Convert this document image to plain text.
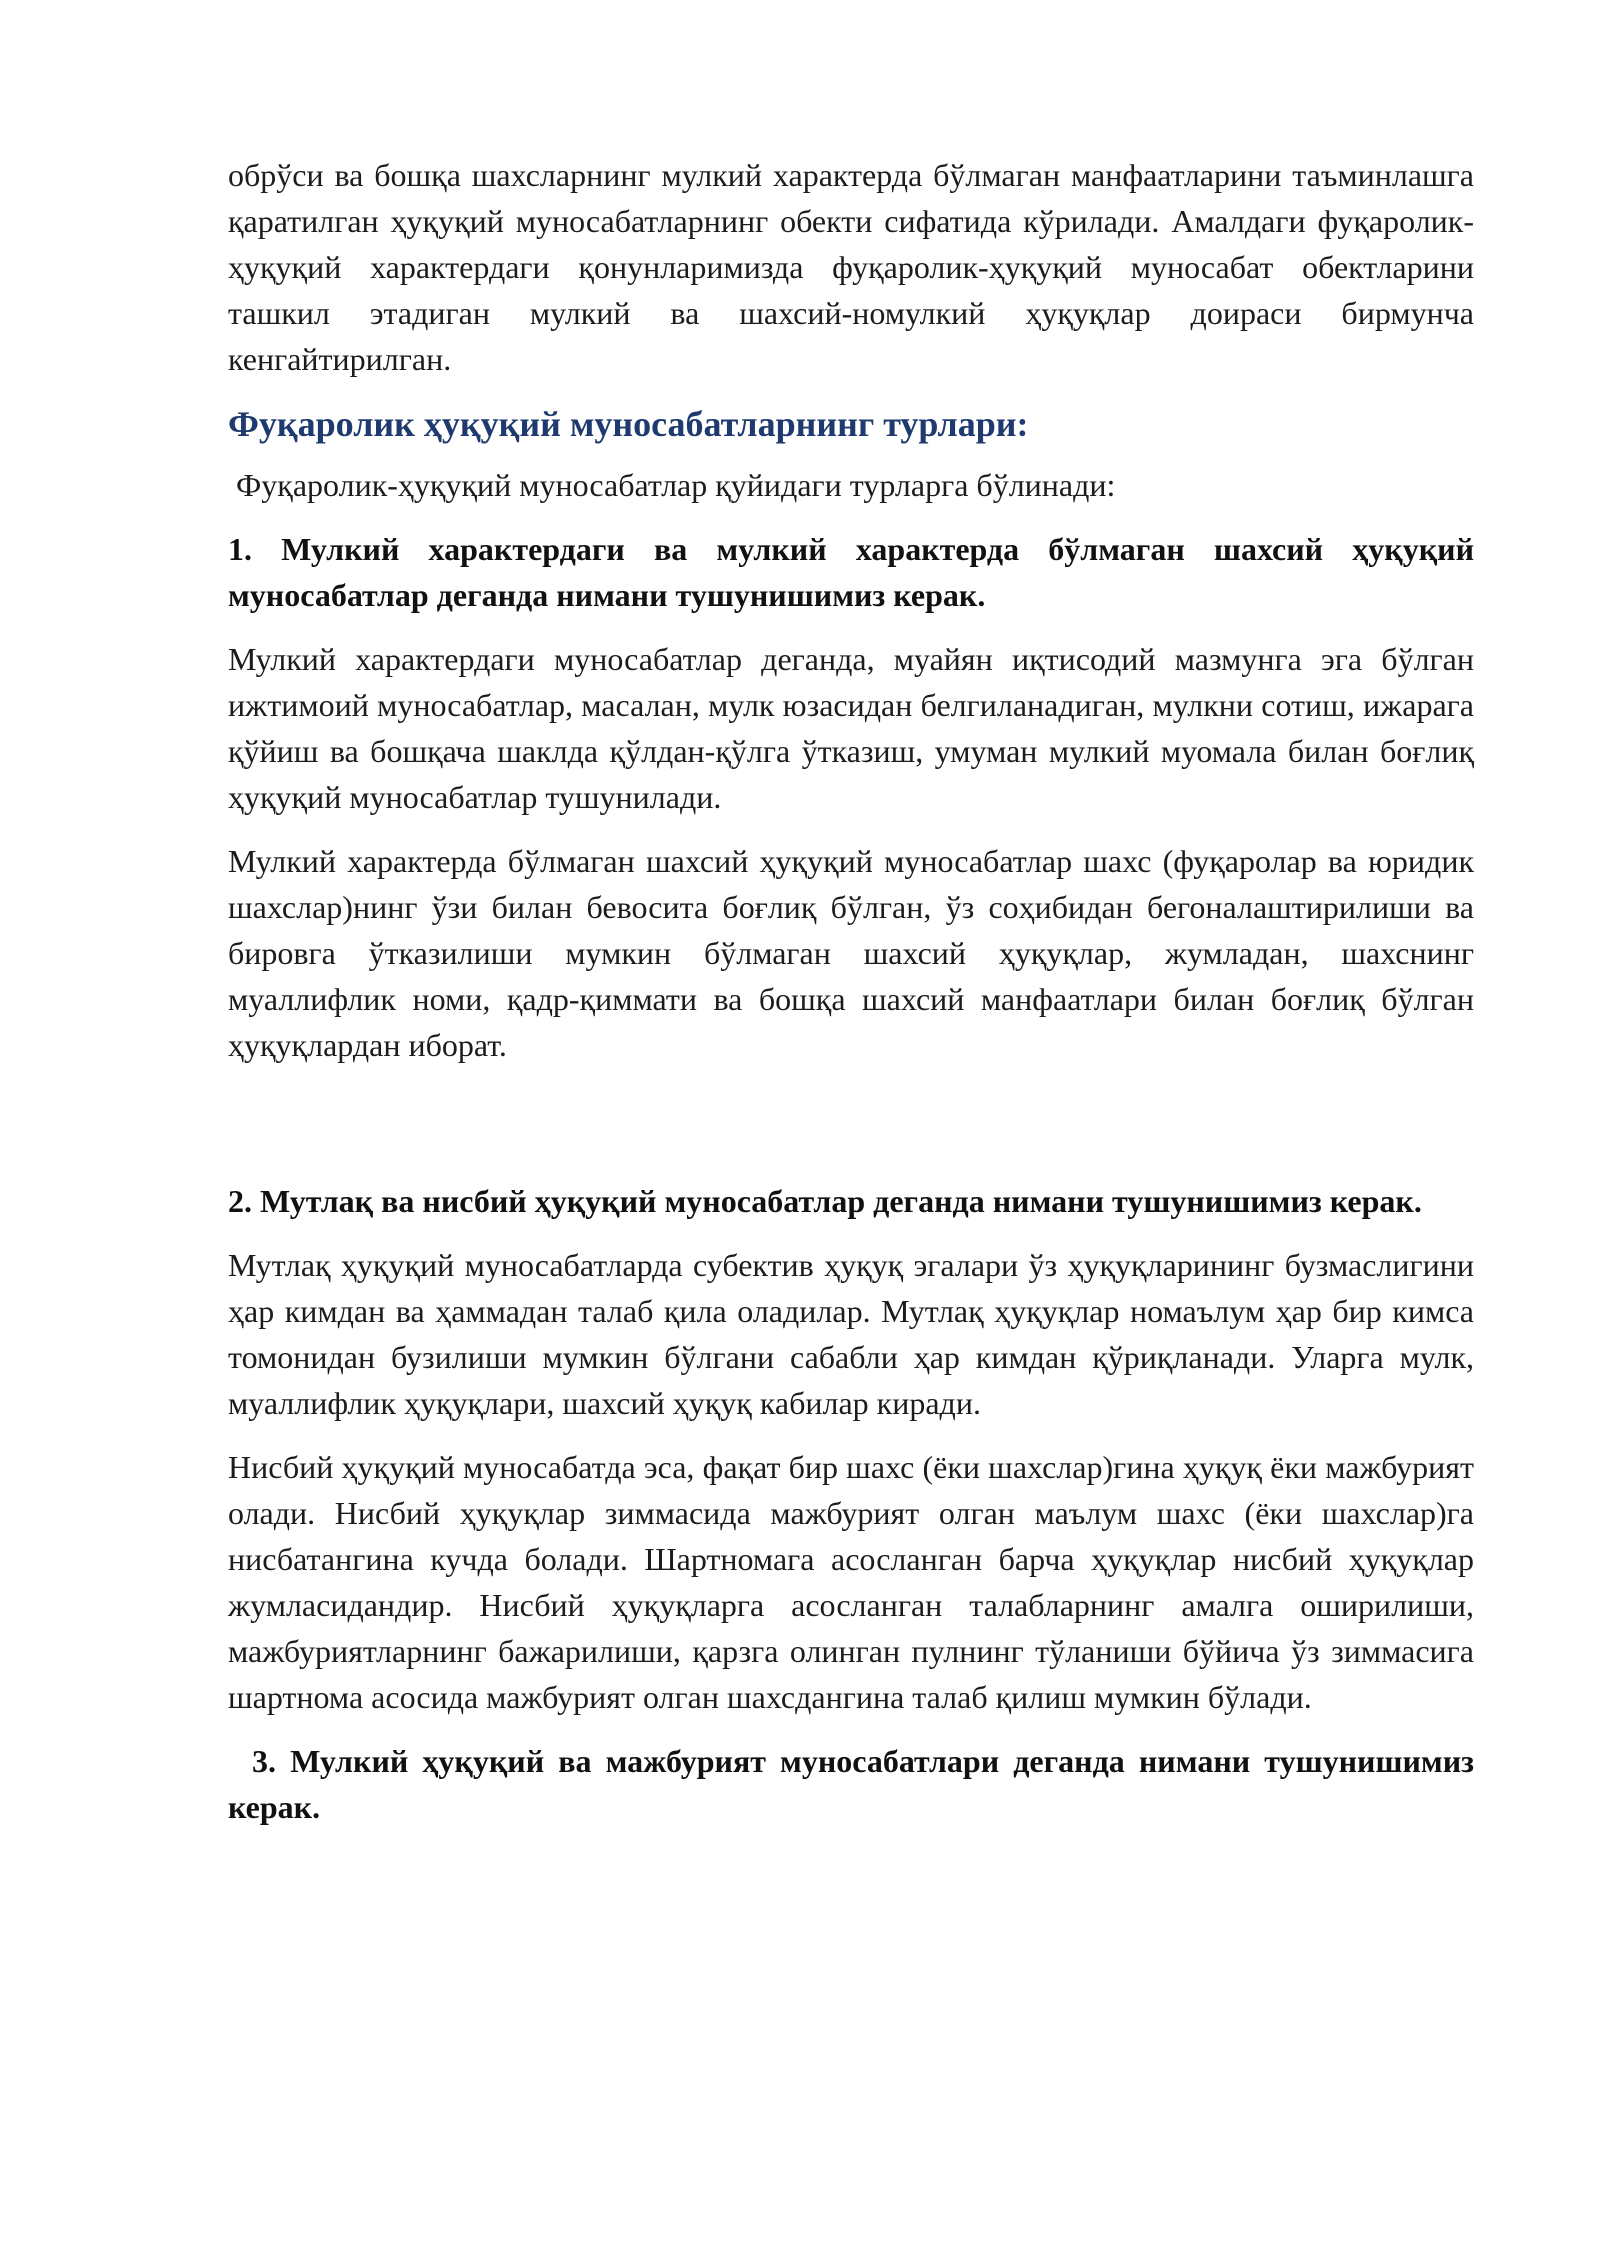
обрўси ва бошқа шахсларнинг мулкий характерда бўлмаган манфаатларини таъминлашга қаратилган ҳуқуқий муносабатларнинг обекти сифатида кўрилади. Амалдаги фуқаролик-ҳуқуқий характердаги қонунларимизда фуқаролик-ҳуқуқий муносабат обектларини ташкил этадиган мулкий ва шахсий-номулкий ҳуқуқлар доираси бирмунча кенгайтирилган.

Фуқаролик ҳуқуқий муносабатларнинг турлари:

Фуқаролик-ҳуқуқий муносабатлар қуйидаги турларга бўлинади:

1. Мулкий характердаги ва мулкий характерда бўлмаган шахсий ҳуқуқий муносабатлар деганда нимани тушунишимиз керак.

Мулкий характердаги муносабатлар деганда, муайян иқтисодий мазмунга эга бўлган ижтимоий муносабатлар, масалан, мулк юзасидан белгиланадиган, мулкни сотиш, ижарага қўйиш ва бошқача шаклда қўлдан-қўлга ўтказиш, умуман мулкий муомала билан боғлиқ ҳуқуқий муносабатлар тушунилади.

Мулкий характерда бўлмаган шахсий ҳуқуқий муносабатлар шахс (фуқаролар ва юридик шахслар)нинг ўзи билан бевосита боғлиқ бўлган, ўз соҳибидан бегоналаштирилиши ва бировга ўтказилиши мумкин бўлмаган шахсий ҳуқуқлар, жумладан, шахснинг муаллифлик номи, қадр-қиммати ва бошқа шахсий манфаатлари билан боғлиқ бўлган ҳуқуқлардан иборат.

2. Мутлақ ва нисбий ҳуқуқий муносабатлар деганда нимани тушунишимиз керак.

Мутлақ ҳуқуқий муносабатларда субектив ҳуқуқ эгалари ўз ҳуқуқларининг бузмаслигини ҳар кимдан ва ҳаммадан талаб қила оладилар. Мутлақ ҳуқуқлар номаълум ҳар бир кимса томонидан бузилиши мумкин бўлгани сабабли ҳар кимдан қўриқланади. Уларга мулк, муаллифлик ҳуқуқлари, шахсий ҳуқуқ кабилар киради.

Нисбий ҳуқуқий муносабатда эса, фақат бир шахс (ёки шахслар)гина ҳуқуқ ёки мажбурият олади. Нисбий ҳуқуқлар зиммасида мажбурият олган маълум шахс (ёки шахслар)га нисбатангина кучда болади. Шартномага асосланган барча ҳуқуқлар нисбий ҳуқуқлар жумласидандир. Нисбий ҳуқуқларга асосланган талабларнинг амалга оширилиши, мажбуриятларнинг бажарилиши, қарзга олинган пулнинг тўланиши бўйича ўз зиммасига шартнома асосида мажбурият олган шахсдангина талаб қилиш мумкин бўлади.

3. Мулкий ҳуқуқий ва мажбурият муносабатлари деганда нимани тушунишимиз керак.
